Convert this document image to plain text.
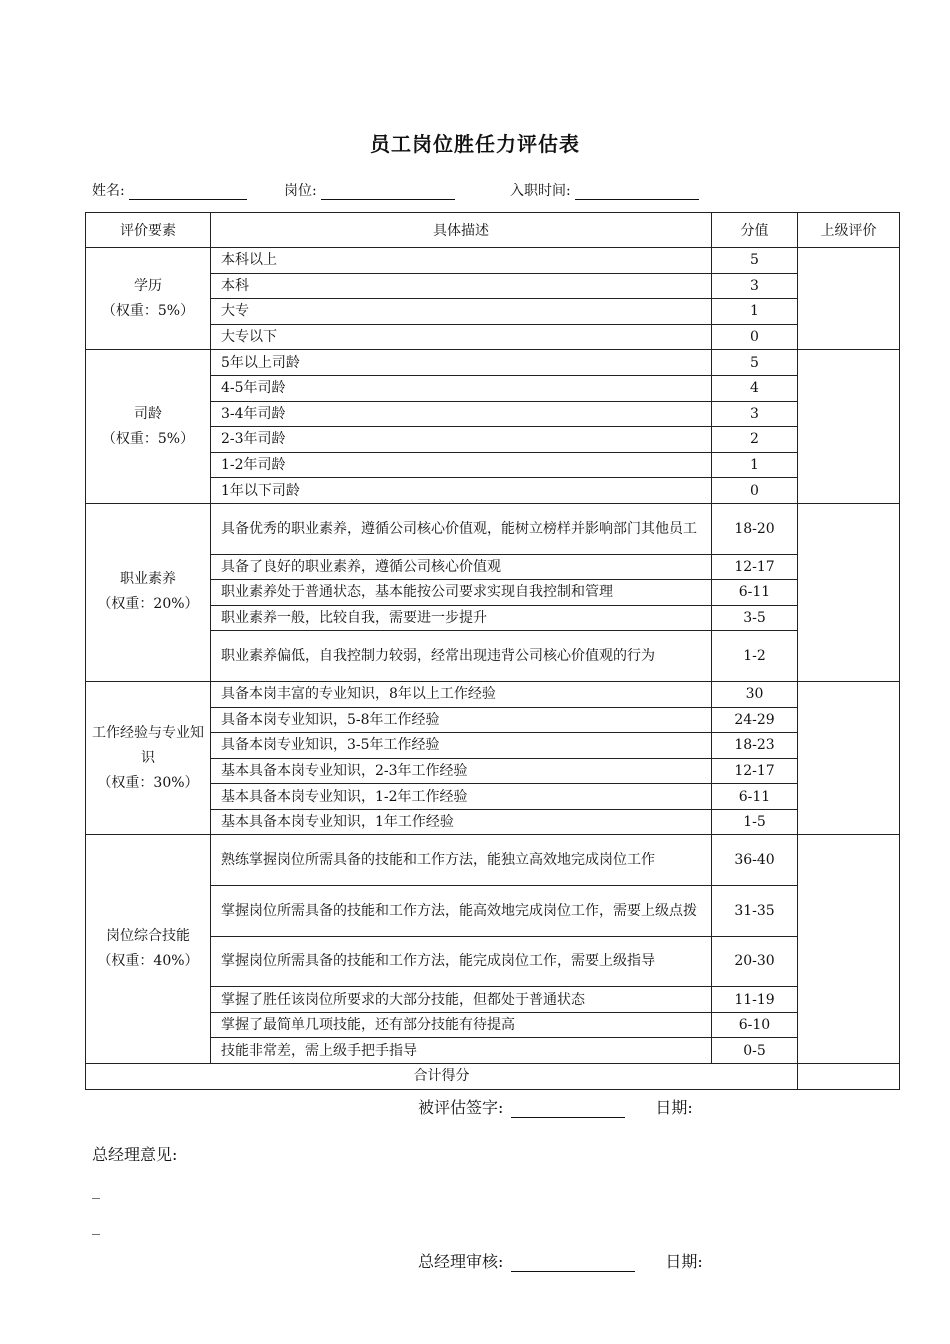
员工岗位胜任力评估表
姓名:	岗位:	入职时间:
评价要素	具体描述	分值	上级评价

学历
（权重：5%）	本科以上	5	
	本科	3	
	大专	1	
	大专以下	0	

司龄
（权重：5%）	5年以上司龄	5	
	4-5年司龄	4	
	3-4年司龄	3	
	2-3年司龄	2	
	1-2年司龄	1	
	1年以下司龄	0	

职业素养
（权重：20%）	具备优秀的职业素养，遵循公司核心价值观，能树立榜样并影响部门其他员工	18-20	
	具备了良好的职业素养，遵循公司核心价值观	12-17	
	职业素养处于普通状态，基本能按公司要求实现自我控制和管理	6-11	
	职业素养一般，比较自我，需要进一步提升	3-5	
	职业素养偏低，自我控制力较弱，经常出现违背公司核心价值观的行为	1-2	

工作经验与专业知识
（权重：30%）	具备本岗丰富的专业知识，8年以上工作经验	30	
	具备本岗专业知识，5-8年工作经验	24-29	
	具备本岗专业知识，3-5年工作经验	18-23	
	基本具备本岗专业知识，2-3年工作经验	12-17	
	基本具备本岗专业知识，1-2年工作经验	6-11	
	基本具备本岗专业知识，1年工作经验	1-5	

岗位综合技能
（权重：40%）	熟练掌握岗位所需具备的技能和工作方法，能独立高效地完成岗位工作	36-40	
	掌握岗位所需具备的技能和工作方法，能高效地完成岗位工作，需要上级点拨	31-35	
	掌握岗位所需具备的技能和工作方法，能完成岗位工作，需要上级指导	20-30	
	掌握了胜任该岗位所要求的大部分技能，但都处于普通状态	11-19	
	掌握了最简单几项技能，还有部分技能有待提高	6-10	
	技能非常差，需上级手把手指导	0-5	
合计得分			
被评估签字:	日期:
总经理意见:
_
_
总经理审核:	日期:
